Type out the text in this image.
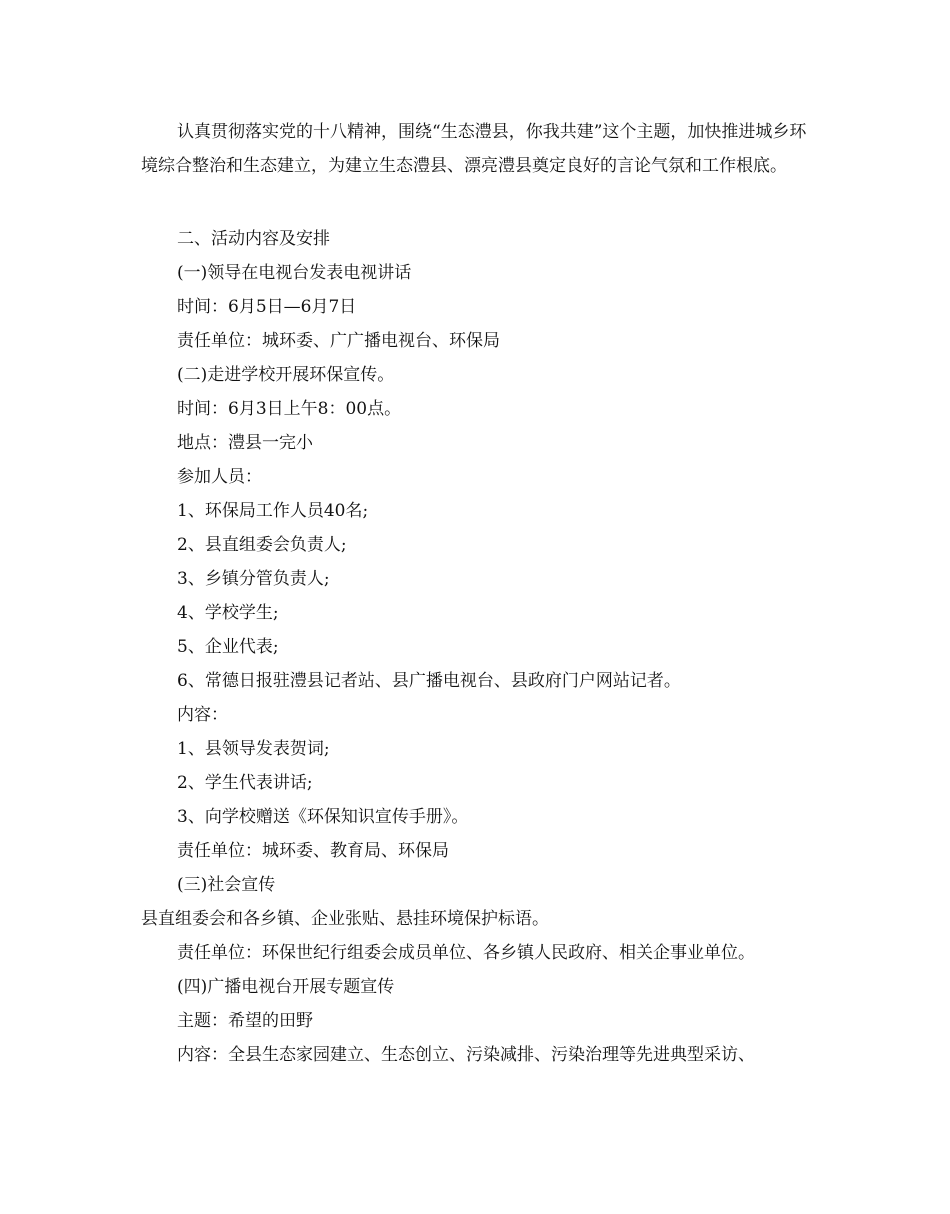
认真贯彻落实党的十八精神，围绕“生态澧县，你我共建”这个主题，加快推进城乡环境综合整治和生态建立，为建立生态澧县、漂亮澧县奠定良好的言论气氛和工作根底。

二、活动内容及安排

(一)领导在电视台发表电视讲话

时间：6月5日—6月7日

责任单位：城环委、广广播电视台、环保局

(二)走进学校开展环保宣传。

时间：6月3日上午8：00点。

地点：澧县一完小

参加人员：

1、环保局工作人员40名;

2、县直组委会负责人;

3、乡镇分管负责人;

4、学校学生;

5、企业代表;

6、常德日报驻澧县记者站、县广播电视台、县政府门户网站记者。

内容：

1、县领导发表贺词;

2、学生代表讲话;

3、向学校赠送《环保知识宣传手册》。

责任单位：城环委、教育局、环保局

(三)社会宣传

县直组委会和各乡镇、企业张贴、悬挂环境保护标语。

责任单位：环保世纪行组委会成员单位、各乡镇人民政府、相关企事业单位。

(四)广播电视台开展专题宣传

主题：希望的田野

内容：全县生态家园建立、生态创立、污染减排、污染治理等先进典型采访、
